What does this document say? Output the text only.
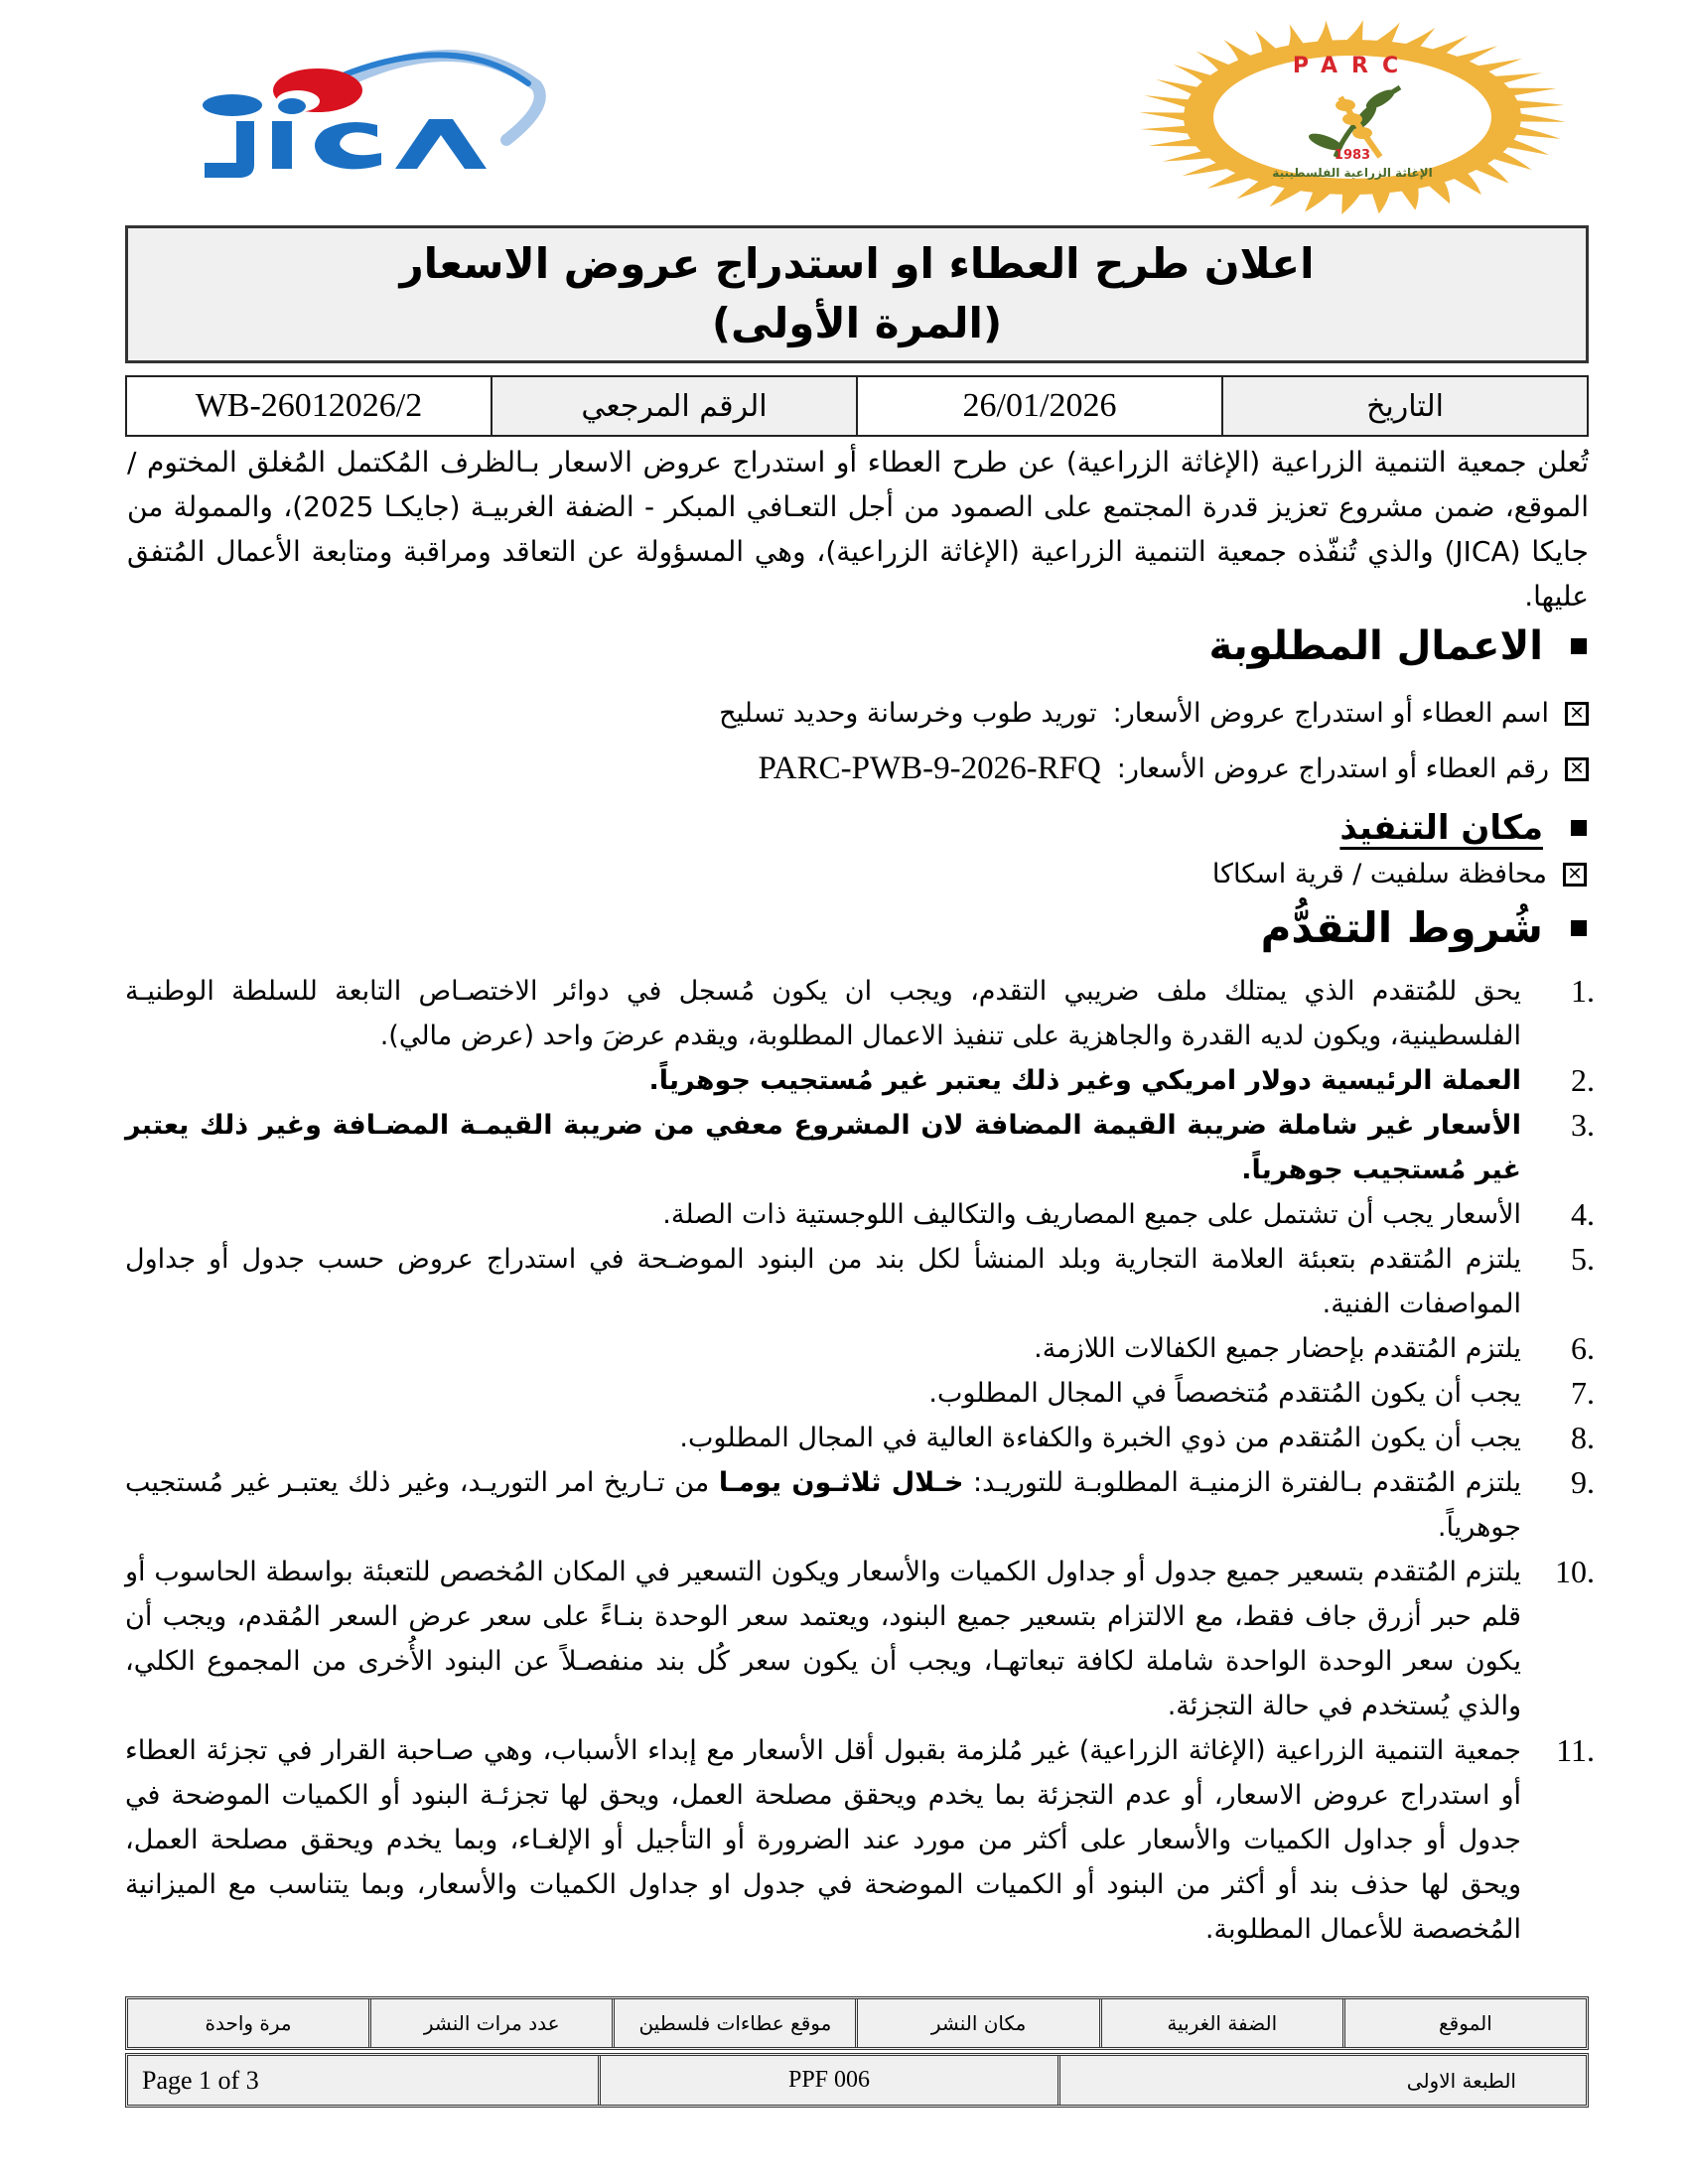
jica
PARC
1983
الإغاثة الزراعية الفلسطينية
اعلان طرح العطاء او استدراج عروض الاسعار
(المرة الأولى)
التاريخ
26/01/2026
الرقم المرجعي
WB-26012026/2
تُعلن جمعية التنمية الزراعية (الإغاثة الزراعية) عن طرح العطاء أو استدراج عروض الاسعار بـالظرف المُكتمل المُغلق المختوم / الموقع، ضمن مشروع تعزيز قدرة المجتمع على الصمود من أجل التعـافي المبكر - الضفة الغربيـة (جايكـا 2025)، والممولة من جايكا (JICA) والذي تُنفّذه جمعية التنمية الزراعية (الإغاثة الزراعية)، وهي المسؤولة عن التعاقد ومراقبة ومتابعة الأعمال المُتفق عليها.
الاعمال المطلوبة
✕
اسم العطاء أو استدراج عروض الأسعار:
توريد طوب وخرسانة وحديد تسليح
✕
رقم العطاء أو استدراج عروض الأسعار:
PARC-PWB-9-2026-RFQ
مكان التنفيذ
✕
محافظة سلفيت / قرية اسكاكا
شُروط التقدُّم
1.
يحق للمُتقدم الذي يمتلك ملف ضريبي التقدم، ويجب ان يكون مُسجل في دوائر الاختصـاص التابعة للسلطة الوطنيـة الفلسطينية، ويكون لديه القدرة والجاهزية على تنفيذ الاعمال المطلوبة، ويقدم عرضَ واحد (عرض مالي).
2.
العملة الرئيسية دولار امريكي وغير ذلك يعتبر غير مُستجيب جوهرياً.
3.
الأسعار غير شاملة ضريبة القيمة المضافة لان المشروع معفي من ضريبة القيمـة المضـافة وغير ذلك يعتبر غير مُستجيب جوهرياً.
4.
الأسعار يجب أن تشتمل على جميع المصاريف والتكاليف اللوجستية ذات الصلة.
5.
يلتزم المُتقدم بتعبئة العلامة التجارية وبلد المنشأ لكل بند من البنود الموضـحة في استدراج عروض حسب جدول أو جداول المواصفات الفنية.
6.
يلتزم المُتقدم بإحضار جميع الكفالات اللازمة.
7.
يجب أن يكون المُتقدم مُتخصصاً في المجال المطلوب.
8.
يجب أن يكون المُتقدم من ذوي الخبرة والكفاءة العالية في المجال المطلوب.
9.
يلتزم المُتقدم بـالفترة الزمنيـة المطلوبـة للتوريـد: خـلال ثلاثـون يومـا من تـاريخ امر التوريـد، وغير ذلك يعتبـر غير مُستجيب جوهرياً.
10.
يلتزم المُتقدم بتسعير جميع جدول أو جداول الكميات والأسعار ويكون التسعير في المكان المُخصص للتعبئة بواسطة الحاسوب أو قلم حبر أزرق جاف فقط، مع الالتزام بتسعير جميع البنود، ويعتمد سعر الوحدة بنـاءً على سعر عرض السعر المُقدم، ويجب أن يكون سعر الوحدة الواحدة شاملة لكافة تبعاتهـا، ويجب أن يكون سعر كُل بند منفصـلاً عن البنود الأُخرى من المجموع الكلي، والذي يُستخدم في حالة التجزئة.
11.
جمعية التنمية الزراعية (الإغاثة الزراعية) غير مُلزمة بقبول أقل الأسعار مع إبداء الأسباب، وهي صـاحبة القرار في تجزئة العطاء أو استدراج عروض الاسعار، أو عدم التجزئة بما يخدم ويحقق مصلحة العمل، ويحق لها تجزئـة البنود أو الكميات الموضحة في جدول أو جداول الكميات والأسعار على أكثر من مورد عند الضرورة أو التأجيل أو الإلغـاء، وبما يخدم ويحقق مصلحة العمل، ويحق لها حذف بند أو أكثر من البنود أو الكميات الموضحة في جدول او جداول الكميات والأسعار، وبما يتناسب مع الميزانية المُخصصة للأعمال المطلوبة.
الموقع
الضفة الغربية
مكان النشر
موقع عطاءات فلسطين
عدد مرات النشر
مرة واحدة
الطبعة الاولى
PPF 006
Page 1 of 3
